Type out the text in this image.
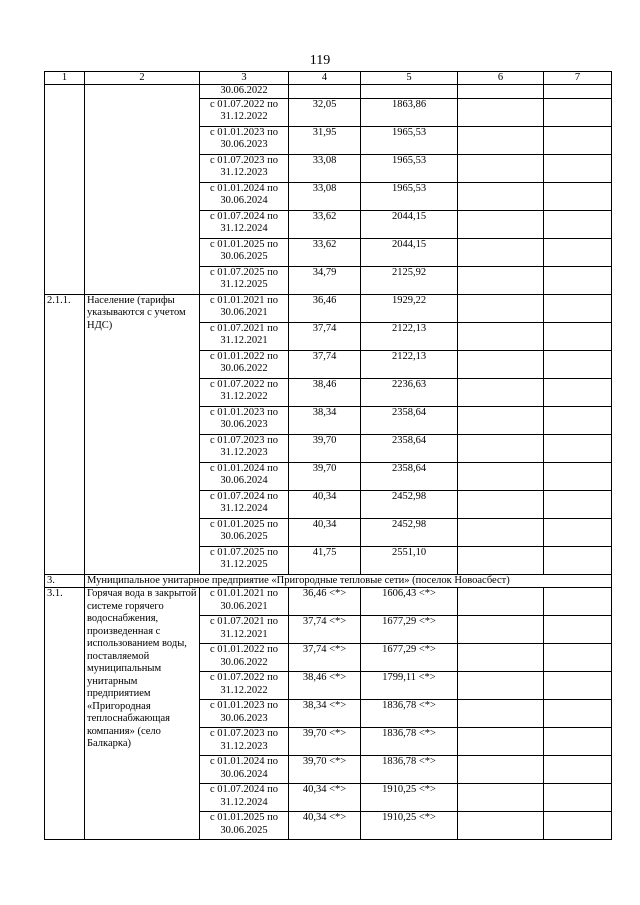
119
1	2	3	4	5	6	7
		30.06.2022				
		с 01.07.2022 по 31.12.2022	32,05	1863,86		
		с 01.01.2023 по 30.06.2023	31,95	1965,53		
		с 01.07.2023 по 31.12.2023	33,08	1965,53		
		с 01.01.2024 по 30.06.2024	33,08	1965,53		
		с 01.07.2024 по 31.12.2024	33,62	2044,15		
		с 01.01.2025 по 30.06.2025	33,62	2044,15		
		с 01.07.2025 по 31.12.2025	34,79	2125,92		
2.1.1.	Население (тарифы указываются с учетом НДС)	с 01.01.2021 по 30.06.2021	36,46	1929,22		
		с 01.07.2021 по 31.12.2021	37,74	2122,13		
		с 01.01.2022 по 30.06.2022	37,74	2122,13		
		с 01.07.2022 по 31.12.2022	38,46	2236,63		
		с 01.01.2023 по 30.06.2023	38,34	2358,64		
		с 01.07.2023 по 31.12.2023	39,70	2358,64		
		с 01.01.2024 по 30.06.2024	39,70	2358,64		
		с 01.07.2024 по 31.12.2024	40,34	2452,98		
		с 01.01.2025 по 30.06.2025	40,34	2452,98		
		с 01.07.2025 по 31.12.2025	41,75	2551,10		
3.	Муниципальное унитарное предприятие «Пригородные тепловые сети» (поселок Новоасбест)					
3.1.	Горячая вода в закрытой системе горячего водоснабжения, произведенная с использованием воды, поставляемой муниципальным унитарным предприятием «Пригородная теплоснабжающая компания» (село Балкарка)	с 01.01.2021 по 30.06.2021	36,46 <*>	1606,43 <*>		
		с 01.07.2021 по 31.12.2021	37,74 <*>	1677,29 <*>		
		с 01.01.2022 по 30.06.2022	37,74 <*>	1677,29 <*>		
		с 01.07.2022 по 31.12.2022	38,46 <*>	1799,11 <*>		
		с 01.01.2023 по 30.06.2023	38,34 <*>	1836,78 <*>		
		с 01.07.2023 по 31.12.2023	39,70 <*>	1836,78 <*>		
		с 01.01.2024 по 30.06.2024	39,70 <*>	1836,78 <*>		
		с 01.07.2024 по 31.12.2024	40,34 <*>	1910,25 <*>		
		с 01.01.2025 по 30.06.2025	40,34 <*>	1910,25 <*>		
